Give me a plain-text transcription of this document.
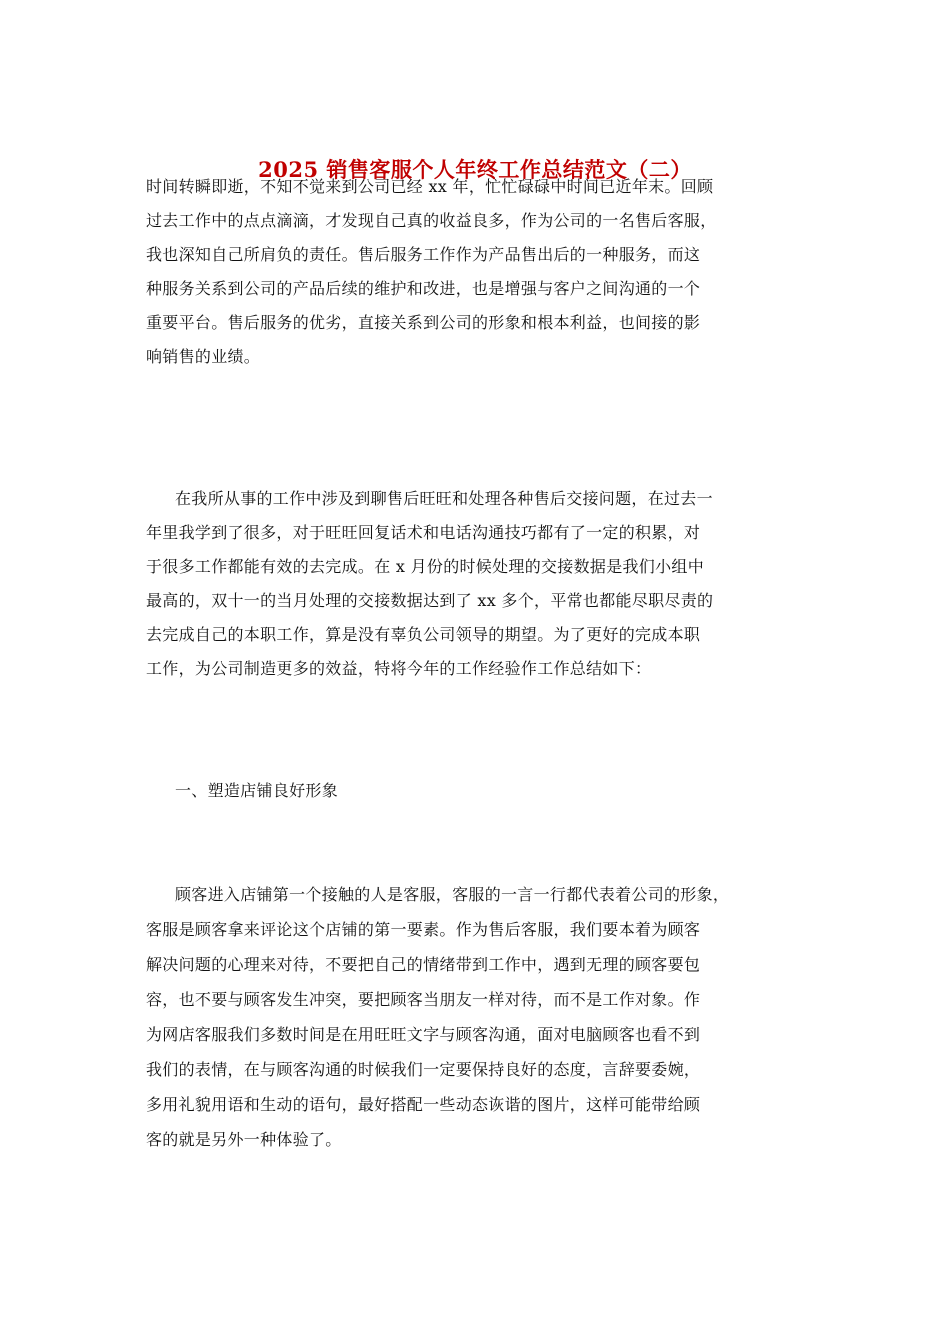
2025 销售客服个人年终工作总结范文（二）
时间转瞬即逝，不知不觉来到公司已经 xx 年，忙忙碌碌中时间已近年末。回顾
过去工作中的点点滴滴，才发现自己真的收益良多，作为公司的一名售后客服，
我也深知自己所肩负的责任。售后服务工作作为产品售出后的一种服务，而这
种服务关系到公司的产品后续的维护和改进，也是增强与客户之间沟通的一个
重要平台。售后服务的优劣，直接关系到公司的形象和根本利益，也间接的影
响销售的业绩。
在我所从事的工作中涉及到聊售后旺旺和处理各种售后交接问题，在过去一
年里我学到了很多，对于旺旺回复话术和电话沟通技巧都有了一定的积累，对
于很多工作都能有效的去完成。在 x 月份的时候处理的交接数据是我们小组中
最高的，双十一的当月处理的交接数据达到了 xx 多个，平常也都能尽职尽责的
去完成自己的本职工作，算是没有辜负公司领导的期望。为了更好的完成本职
工作，为公司制造更多的效益，特将今年的工作经验作工作总结如下：
一、塑造店铺良好形象
顾客进入店铺第一个接触的人是客服，客服的一言一行都代表着公司的形象，
客服是顾客拿来评论这个店铺的第一要素。作为售后客服，我们要本着为顾客
解决问题的心理来对待，不要把自己的情绪带到工作中，遇到无理的顾客要包
容，也不要与顾客发生冲突，要把顾客当朋友一样对待，而不是工作对象。作
为网店客服我们多数时间是在用旺旺文字与顾客沟通，面对电脑顾客也看不到
我们的表情，在与顾客沟通的时候我们一定要保持良好的态度，言辞要委婉，
多用礼貌用语和生动的语句，最好搭配一些动态诙谐的图片，这样可能带给顾
客的就是另外一种体验了。
